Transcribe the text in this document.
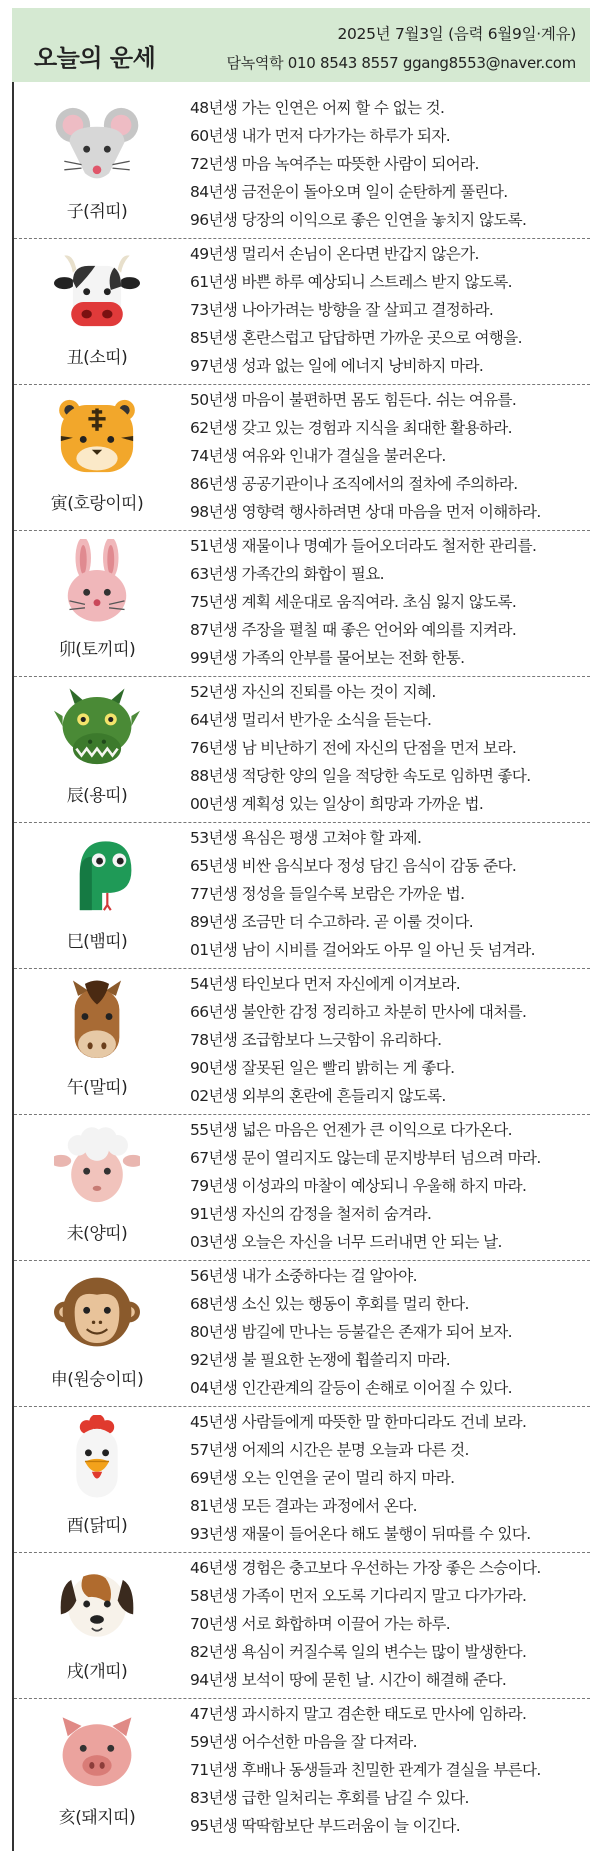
오늘의 운세
2025년 7월3일 (음력 6월9일·계유)
담녹역학 010 8543 8557 ggang8553@naver.com
子(쥐띠)
48년생 가는 인연은 어찌 할 수 없는 것.
60년생 내가 먼저 다가가는 하루가 되자.
72년생 마음 녹여주는 따뜻한 사람이 되어라.
84년생 금전운이 돌아오며 일이 순탄하게 풀린다.
96년생 당장의 이익으로 좋은 인연을 놓치지 않도록.
丑(소띠)
49년생 멀리서 손님이 온다면 반갑지 않은가.
61년생 바쁜 하루 예상되니 스트레스 받지 않도록.
73년생 나아가려는 방향을 잘 살피고 결정하라.
85년생 혼란스럽고 답답하면 가까운 곳으로 여행을.
97년생 성과 없는 일에 에너지 낭비하지 마라.
寅(호랑이띠)
50년생 마음이 불편하면 몸도 힘든다. 쉬는 여유를.
62년생 갖고 있는 경험과 지식을 최대한 활용하라.
74년생 여유와 인내가 결실을 불러온다.
86년생 공공기관이나 조직에서의 절차에 주의하라.
98년생 영향력 행사하려면 상대 마음을 먼저 이해하라.
卯(토끼띠)
51년생 재물이나 명예가 들어오더라도 철저한 관리를.
63년생 가족간의 화합이 필요.
75년생 계획 세운대로 움직여라. 초심 잃지 않도록.
87년생 주장을 펼칠 때 좋은 언어와 예의를 지켜라.
99년생 가족의 안부를 물어보는 전화 한통.
辰(용띠)
52년생 자신의 진퇴를 아는 것이 지혜.
64년생 멀리서 반가운 소식을 듣는다.
76년생 남 비난하기 전에 자신의 단점을 먼저 보라.
88년생 적당한 양의 일을 적당한 속도로 임하면 좋다.
00년생 계획성 있는 일상이 희망과 가까운 법.
巳(뱀띠)
53년생 욕심은 평생 고쳐야 할 과제.
65년생 비싼 음식보다 정성 담긴 음식이 감동 준다.
77년생 정성을 들일수록 보람은 가까운 법.
89년생 조금만 더 수고하라. 곧 이룰 것이다.
01년생 남이 시비를 걸어와도 아무 일 아닌 듯 넘겨라.
午(말띠)
54년생 타인보다 먼저 자신에게 이겨보라.
66년생 불안한 감정 정리하고 차분히 만사에 대처를.
78년생 조급함보다 느긋함이 유리하다.
90년생 잘못된 일은 빨리 밝히는 게 좋다.
02년생 외부의 혼란에 흔들리지 않도록.
未(양띠)
55년생 넓은 마음은 언젠가 큰 이익으로 다가온다.
67년생 문이 열리지도 않는데 문지방부터 넘으려 마라.
79년생 이성과의 마찰이 예상되니 우울해 하지 마라.
91년생 자신의 감정을 철저히 숨겨라.
03년생 오늘은 자신을 너무 드러내면 안 되는 날.
申(원숭이띠)
56년생 내가 소중하다는 걸 알아야.
68년생 소신 있는 행동이 후회를 멀리 한다.
80년생 밤길에 만나는 등불같은 존재가 되어 보자.
92년생 불 필요한 논쟁에 휩쓸리지 마라.
04년생 인간관계의 갈등이 손해로 이어질 수 있다.
酉(닭띠)
45년생 사람들에게 따뜻한 말 한마디라도 건네 보라.
57년생 어제의 시간은 분명 오늘과 다른 것.
69년생 오는 인연을 굳이 멀리 하지 마라.
81년생 모든 결과는 과정에서 온다.
93년생 재물이 들어온다 해도 불행이 뒤따를 수 있다.
戌(개띠)
46년생 경험은 충고보다 우선하는 가장 좋은 스승이다.
58년생 가족이 먼저 오도록 기다리지 말고 다가가라.
70년생 서로 화합하며 이끌어 가는 하루.
82년생 욕심이 커질수록 일의 변수는 많이 발생한다.
94년생 보석이 땅에 묻힌 날. 시간이 해결해 준다.
亥(돼지띠)
47년생 과시하지 말고 겸손한 태도로 만사에 임하라.
59년생 어수선한 마음을 잘 다져라.
71년생 후배나 동생들과 친밀한 관계가 결실을 부른다.
83년생 급한 일처리는 후회를 남길 수 있다.
95년생 딱딱함보단 부드러움이 늘 이긴다.
